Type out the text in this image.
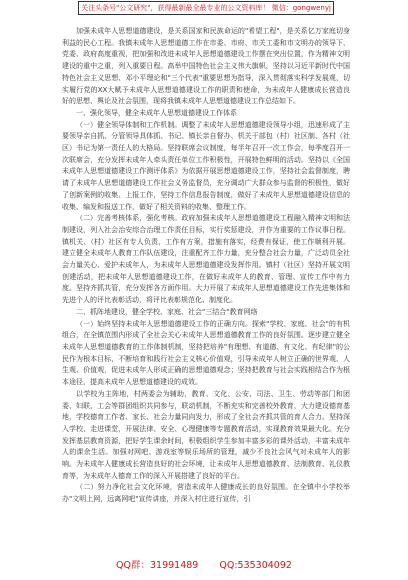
关注头条号"公文研究"，获得最新最全最专业的公文资料库！ 微信：gongwenyj

加强未成年人思想道德建设，是关系国家和民族命运的"希望工程"，是关系亿万家庭切身利益的民心工程。我镇未成年人思想道德工作在市委、市府、市关工委和市文明办的领导下，党委、政府高度重视，把加强和改进未成年人思想道德建设工作摆在突出位置，作为精神文明建设的重中之重，列入重要日程。高举中国特色社会主义伟大旗帜，坚持以习近平新时代中国特色社会主义思想、邓小平理论和"三个代表"重要思想为指导，深入贯彻落实科学发展观，切实履行党的XX大赋予未成年人思想道德建设工作的职责和使命，为未成年人健康成长营造良好的思想、舆论及社会氛围，现将我镇未成年人思想道德建设工作总结如下。

一、强化领导，健全未成年人思想道德建设工作体系

（一）健全领导体制和工作机制。调整了未成年人思想道德建设领导小组，迅速形成了主要领导亲自抓、分管领导具体抓、书记、镇长亲自督办、机关干部包（村）社区制、各村（社区）书记为第一责任人的大格局。坚持联席会议制度，每半年召开一次工作会，每季度召开一次联席会，充分发挥未成年人牵头责任单位工作积极性，开展特色鲜明的活动。坚持以《全国未成年人思想道德建设工作测评体系》为依据开展思想道德建设工作，坚持社会监督制度，聘请了未成年人思想道德建设工作社会义务监督员，充分调动广大群众参与监督的积极性，做好了创新案例的收集、上报工作，坚持工作信息报告制度，做好了未成年人思想道德建设信息的收集、编发和报送工作，做好了相关资料的收集、整理工作。

（二）完善考核体系，强化考核。政府加强未成年人思想道德建设工程融入精神文明和法制建设，列入社会治安综合治理工作责任目标，实行奖惩建设，并作为重要的工作议事日程。镇机关、（村）社区有专人负责，工作有方案，措施有落实，经费有保证，使工作顺利开展。建立健全未成年人教育工作队伍建设，注重配齐工作力量，充分整合社会力量，广泛动员全社会力量关心、爱护未成年人，为未成年人思想道德建设发挥作用。镇村（社区）坚持开展文明创建活动，把未成年人思想道德建设工作，在做好未成年人的教育、管理、宣传工作中有力度。坚持齐抓共管，充分发挥各方面作用。大力开展了未成年人思想道德建设工作先进集体和先进个人的评比表彰活动，将评比表彰规范化、制度化。

二、抓阵地建设，健全学校、家庭、社会"三结合"教育网络

（一）始终坚持未成年人思想道德建设工作的正确方向。探索"学校、家庭、社会"的有机组合，在全镇范围内形成了全社会关心未成年人思想道德教育工作的良好氛围。逐步建立健全未成年人思想道德教育的工作体制机制，坚持把培养"有理想、有道德、有文化、有纪律"的公民作为根本目标，不断培育和践行社会主义核心价值观，引导未成年人树立正确的世界观、人生观、价值观，促进未成年人形成正确的思想道德观念；坚持把教育与社会实践相结合作为根本途径，提高未成年人思想道德建设的成效。

以学校为主阵地，村两委会为辅助，教育、文化、公安、司法、卫生、劳动等部门和团委、妇联、工会等群团组织共同参与，联动机制，不断充实和完善校外教育，大力建设德育基地，学校德育工作者、家长、社会力量同向发力，形成了全社会齐抓共管的育人合力。坚持深入学校、走进课堂，开展法律、安全、心理健康等专题教育活动，实现教育效果最大化。充分发挥基层教育资源，把好学生课余时间，积极组织学生参加丰富多彩的课外活动，丰富未成年人的课余生活。加强对网吧、游戏室等娱乐场所的管理，减少不良社会风气对未成年人的影响。为未成年人健康成长营造良好的社会环境，让未成年人思想道德教育、法制教育、礼仪教育等，为未成年人德育工作的深入开展搭建了良好的平台。

（二）努力净化社会文化环境，营造未成年人健康成长的良好氛围。在全镇中小学校举办"文明上网，远离网吧"宣传讲座，并深入村庄进行宣传，引

QQ群：31991489 QQ:535304092
